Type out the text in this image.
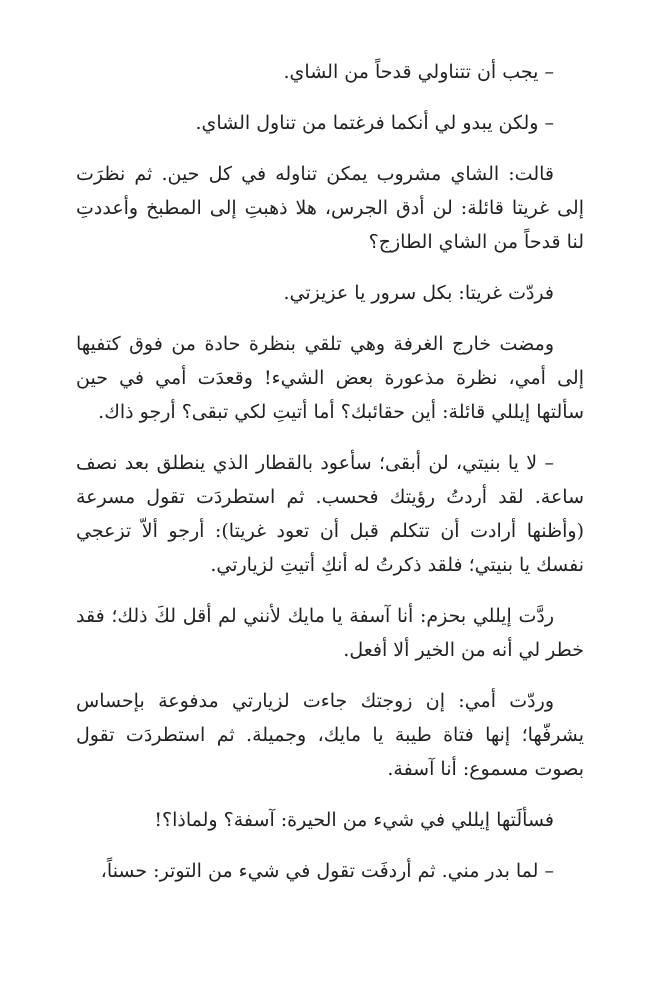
– يجب أن تتناولي قدحاً من الشاي.

– ولكن يبدو لي أنكما فرغتما من تناول الشاي.

قالت: الشاي مشروب يمكن تناوله في كل حين. ثم نظرَت إلى غريتا قائلة: لن أدق الجرس، هلا ذهبتِ إلى المطبخ وأعددتِ لنا قدحاً من الشاي الطازج؟

فردّت غريتا: بكل سرور يا عزيزتي.

ومضت خارج الغرفة وهي تلقي بنظرة حادة من فوق كتفيها إلى أمي، نظرة مذعورة بعض الشيء! وقعدَت أمي في حين سألتها إيللي قائلة: أين حقائبك؟ أما أتيتِ لكي تبقى؟ أرجو ذاك.

– لا يا بنيتي، لن أبقى؛ سأعود بالقطار الذي ينطلق بعد نصف ساعة. لقد أردتُ رؤيتك فحسب. ثم استطردَت تقول مسرعة (وأظنها أرادت أن تتكلم قبل أن تعود غريتا): أرجو ألاّ تزعجي نفسك يا بنيتي؛ فلقد ذكرتُ له أنكِ أتيتِ لزيارتي.

ردَّت إيللي بحزم: أنا آسفة يا مايك لأنني لم أقل لكَ ذلك؛ فقد خطر لي أنه من الخير ألا أفعل.

وردّت أمي: إن زوجتك جاءت لزيارتي مدفوعة بإحساس يشرفّها؛ إنها فتاة طيبة يا مايك، وجميلة. ثم استطردَت تقول بصوت مسموع: أنا آسفة.

فسألَتها إيللي في شيء من الحيرة: آسفة؟ ولماذا؟!

– لما بدر مني. ثم أردفَت تقول في شيء من التوتر: حسناً،
